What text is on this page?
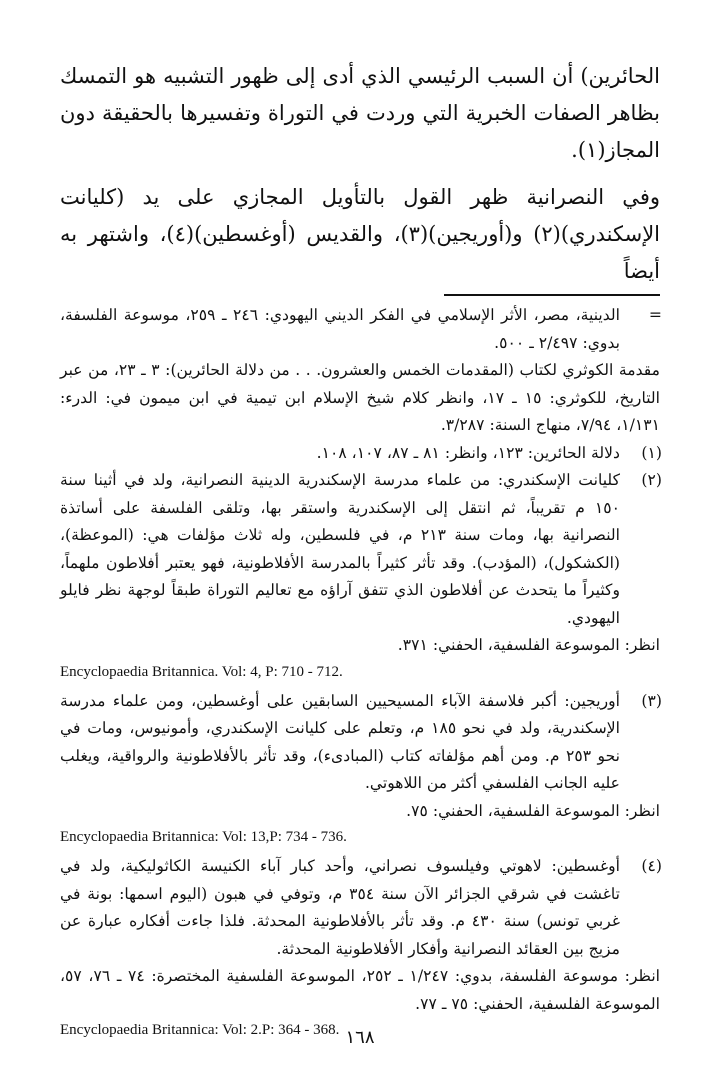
الحائرين) أن السبب الرئيسي الذي أدى إلى ظهور التشبيه هو التمسك بظاهر الصفات الخبرية التي وردت في التوراة وتفسيرها بالحقيقة دون المجاز(١).

وفي النصرانية ظهر القول بالتأويل المجازي على يد (كليانت الإسكندري)(٢) و(أوريجين)(٣)، والقديس (أوغسطين)(٤)، واشتهر به أيضاً

=
الدينية، مصر، الأثر الإسلامي في الفكر الديني اليهودي: ٢٤٦ ـ ٢٥٩، موسوعة الفلسفة، بدوي: ٢/٤٩٧ ـ ٥٠٠.
مقدمة الكوثري لكتاب (المقدمات الخمس والعشرون. . . من دلالة الحائرين): ٣ ـ ٢٣، من عبر التاريخ، للكوثري: ١٥ ـ ١٧، وانظر كلام شيخ الإسلام ابن تيمية في ابن ميمون في: الدرء: ١/١٣١، ٧/٩٤، منهاج السنة: ٣/٢٨٧.
(١)
دلالة الحائرين: ١٢٣، وانظر: ٨١ ـ ٨٧، ١٠٧، ١٠٨.
(٢)
كليانت الإسكندري: من علماء مدرسة الإسكندرية الدينية النصرانية، ولد في أثينا سنة ١٥٠ م تقريباً، ثم انتقل إلى الإسكندرية واستقر بها، وتلقى الفلسفة على أساتذة النصرانية بها، ومات سنة ٢١٣ م، في فلسطين، وله ثلاث مؤلفات هي: (الموعظة)، (الكشكول)، (المؤدب). وقد تأثر كثيراً بالمدرسة الأفلاطونية، فهو يعتبر أفلاطون ملهماً، وكثيراً ما يتحدث عن أفلاطون الذي تتفق آراؤه مع تعاليم التوراة طبقاً لوجهة نظر فايلو اليهودي.
انظر: الموسوعة الفلسفية، الحفني: ٣٧١.

Encyclopaedia Britannica. Vol: 4, P: 710 - 712.

(٣)
أوريجين: أكبر فلاسفة الآباء المسيحيين السابقين على أوغسطين، ومن علماء مدرسة الإسكندرية، ولد في نحو ١٨٥ م، وتعلم على كليانت الإسكندري، وأمونيوس، ومات في نحو ٢٥٣ م. ومن أهم مؤلفاته كتاب (المبادىء)، وقد تأثر بالأفلاطونية والرواقية، ويغلب عليه الجانب الفلسفي أكثر من اللاهوتي.
انظر: الموسوعة الفلسفية، الحفني: ٧٥.

Encyclopaedia Britannica: Vol: 13,P: 734 - 736.

(٤)
أوغسطين: لاهوتي وفيلسوف نصراني، وأحد كبار آباء الكنيسة الكاثوليكية، ولد في تاغشت في شرقي الجزائر الآن سنة ٣٥٤ م، وتوفي في هبون (اليوم اسمها: بونة في غربي تونس) سنة ٤٣٠ م. وقد تأثر بالأفلاطونية المحدثة. فلذا جاءت أفكاره عبارة عن مزيج بين العقائد النصرانية وأفكار الأفلاطونية المحدثة.
انظر: موسوعة الفلسفة، بدوي: ١/٢٤٧ ـ ٢٥٢، الموسوعة الفلسفية المختصرة: ٧٤ ـ ٧٦، ٥٧، الموسوعة الفلسفية، الحفني: ٧٥ ـ ٧٧.

Encyclopaedia Britannica: Vol: 2.P: 364 - 368. ١٦٨
